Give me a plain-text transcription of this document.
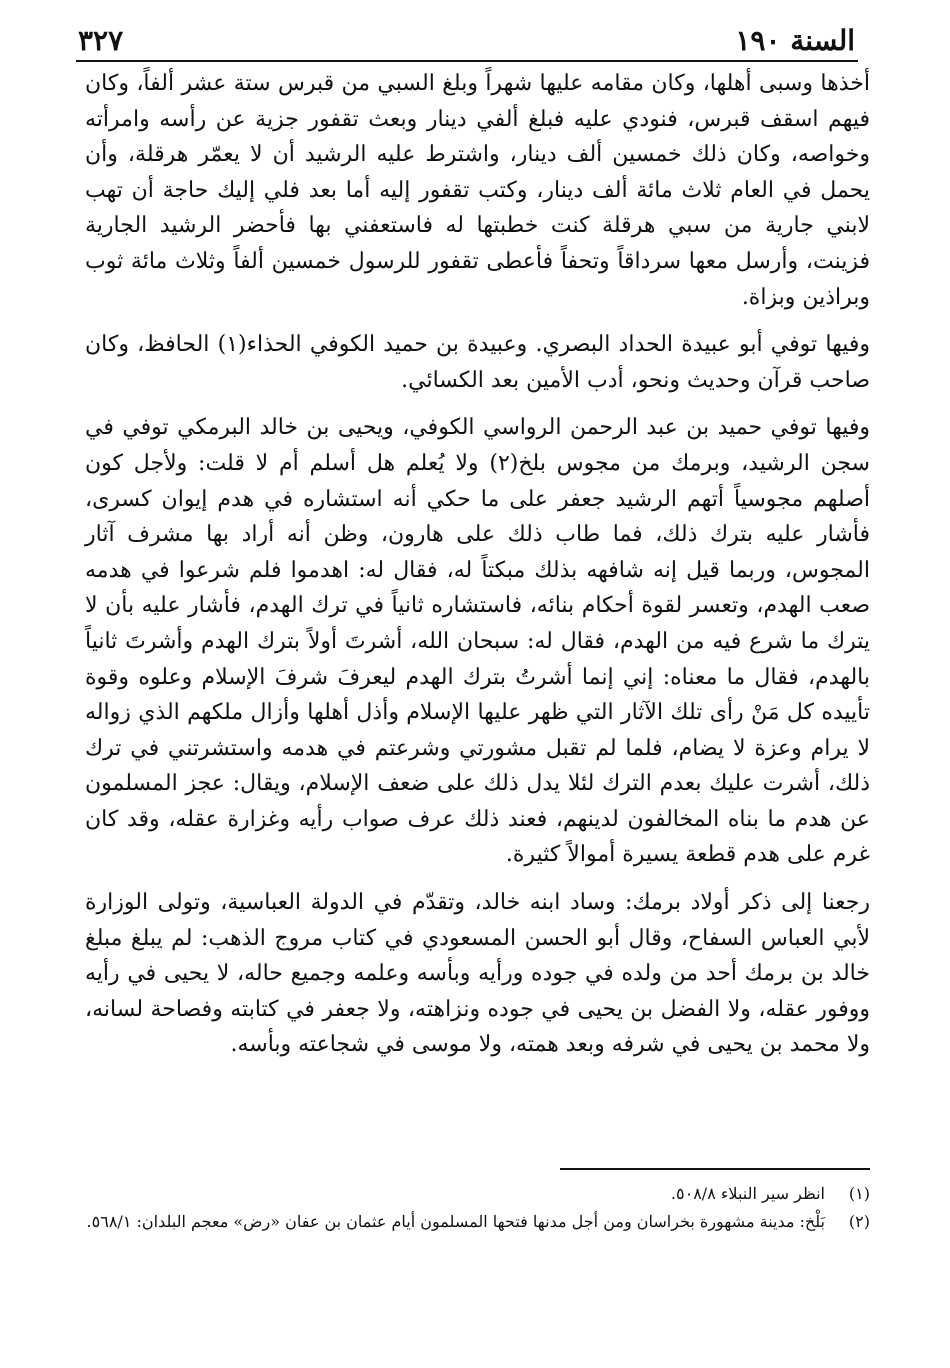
السنة ١٩٠
٣٢٧

أخذها وسبى أهلها، وكان مقامه عليها شهراً وبلغ السبي من قبرس ستة عشر ألفاً، وكان فيهم اسقف قبرس، فنودي عليه فبلغ ألفي دينار وبعث تقفور جزية عن رأسه وامرأته وخواصه، وكان ذلك خمسين ألف دينار، واشترط عليه الرشيد أن لا يعمّر هرقلة، وأن يحمل في العام ثلاث مائة ألف دينار، وكتب تقفور إليه أما بعد فلي إليك حاجة أن تهب لابني جارية من سبي هرقلة كنت خطبتها له فاستعفني بها فأحضر الرشيد الجارية فزينت، وأرسل معها سرداقاً وتحفاً فأعطى تقفور للرسول خمسين ألفاً وثلاث مائة ثوب وبراذين وبزاة.

وفيها توفي أبو عبيدة الحداد البصري. وعبيدة بن حميد الكوفي الحذاء(١) الحافظ، وكان صاحب قرآن وحديث ونحو، أدب الأمين بعد الكسائي.

وفيها توفي حميد بن عبد الرحمن الرواسي الكوفي، ويحيى بن خالد البرمكي توفي في سجن الرشيد، وبرمك من مجوس بلخ(٢) ولا يُعلم هل أسلم أم لا قلت: ولأجل كون أصلهم مجوسياً أتهم الرشيد جعفر على ما حكي أنه استشاره في هدم إيوان كسرى، فأشار عليه بترك ذلك، فما طاب ذلك على هارون، وظن أنه أراد بها مشرف آثار المجوس، وربما قيل إنه شافهه بذلك مبكتاً له، فقال له: اهدموا فلم شرعوا في هدمه صعب الهدم، وتعسر لقوة أحكام بنائه، فاستشاره ثانياً في ترك الهدم، فأشار عليه بأن لا يترك ما شرع فيه من الهدم، فقال له: سبحان الله، أشرتَ أولاً بترك الهدم وأشرتَ ثانياً بالهدم، فقال ما معناه: إني إنما أشرتُ بترك الهدم ليعرفَ شرفَ الإسلام وعلوه وقوة تأييده كل مَنْ رأى تلك الآثار التي ظهر عليها الإسلام وأذل أهلها وأزال ملكهم الذي زواله لا يرام وعزة لا يضام، فلما لم تقبل مشورتي وشرعتم في هدمه واستشرتني في ترك ذلك، أشرت عليك بعدم الترك لئلا يدل ذلك على ضعف الإسلام، ويقال: عجز المسلمون عن هدم ما بناه المخالفون لدينهم، فعند ذلك عرف صواب رأيه وغزارة عقله، وقد كان غرم على هدم قطعة يسيرة أموالاً كثيرة.

رجعنا إلى ذكر أولاد برمك: وساد ابنه خالد، وتقدّم في الدولة العباسية، وتولى الوزارة لأبي العباس السفاح، وقال أبو الحسن المسعودي في كتاب مروج الذهب: لم يبلغ مبلغ خالد بن برمك أحد من ولده في جوده ورأيه وبأسه وعلمه وجميع حاله، لا يحيى في رأيه ووفور عقله، ولا الفضل بن يحيى في جوده ونزاهته، ولا جعفر في كتابته وفصاحة لسانه، ولا محمد بن يحيى في شرفه وبعد همته، ولا موسى في شجاعته وبأسه.

(١)
انظر سير النبلاء ٥٠٨/٨.
(٢)
بَلْخ: مدينة مشهورة بخراسان ومن أجل مدنها فتحها المسلمون أيام عثمان بن عفان «رض» معجم البلدان: ٥٦٨/١.
